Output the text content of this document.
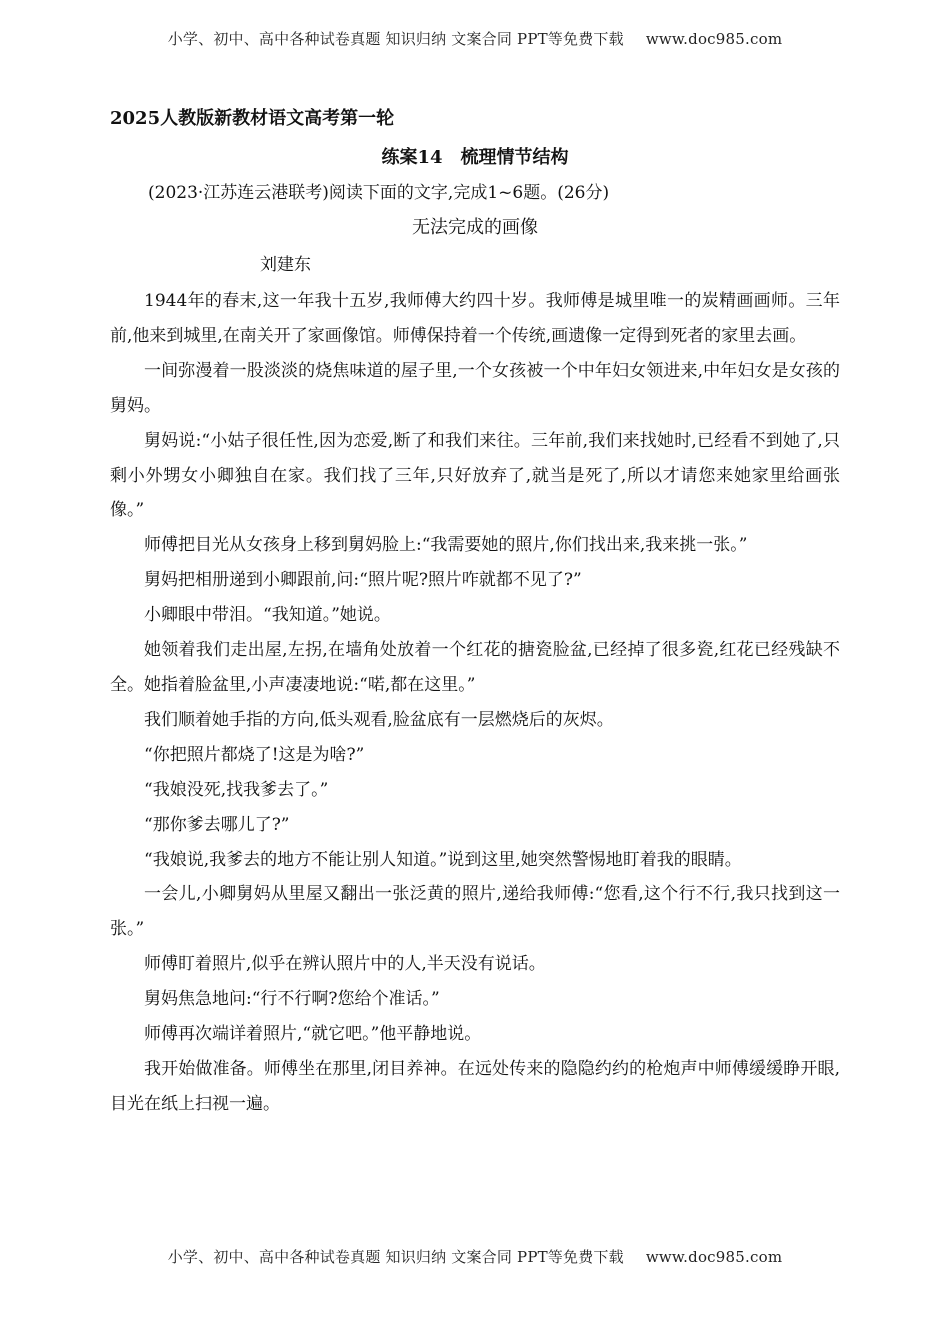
小学、初中、高中各种试卷真题 知识归纳 文案合同 PPT等免费下载 www.doc985.com
2025人教版新教材语文高考第一轮
练案14　梳理情节结构
(2023·江苏连云港联考)阅读下面的文字,完成1~6题。(26分)
无法完成的画像
刘建东

1944年的春末,这一年我十五岁,我师傅大约四十岁。我师傅是城里唯一的炭精画画师。三年前,他来到城里,在南关开了家画像馆。师傅保持着一个传统,画遗像一定得到死者的家里去画。

一间弥漫着一股淡淡的烧焦味道的屋子里,一个女孩被一个中年妇女领进来,中年妇女是女孩的舅妈。

舅妈说:“小姑子很任性,因为恋爱,断了和我们来往。三年前,我们来找她时,已经看不到她了,只剩小外甥女小卿独自在家。我们找了三年,只好放弃了,就当是死了,所以才请您来她家里给画张像。”

师傅把目光从女孩身上移到舅妈脸上:“我需要她的照片,你们找出来,我来挑一张。”

舅妈把相册递到小卿跟前,问:“照片呢?照片咋就都不见了?”

小卿眼中带泪。“我知道。”她说。

她领着我们走出屋,左拐,在墙角处放着一个红花的搪瓷脸盆,已经掉了很多瓷,红花已经残缺不全。她指着脸盆里,小声凄凄地说:“喏,都在这里。”

我们顺着她手指的方向,低头观看,脸盆底有一层燃烧后的灰烬。

“你把照片都烧了!这是为啥?”

“我娘没死,找我爹去了。”

“那你爹去哪儿了?”

“我娘说,我爹去的地方不能让别人知道。”说到这里,她突然警惕地盯着我的眼睛。

一会儿,小卿舅妈从里屋又翻出一张泛黄的照片,递给我师傅:“您看,这个行不行,我只找到这一张。”

师傅盯着照片,似乎在辨认照片中的人,半天没有说话。

舅妈焦急地问:“行不行啊?您给个准话。”

师傅再次端详着照片,“就它吧。”他平静地说。

我开始做准备。师傅坐在那里,闭目养神。在远处传来的隐隐约约的枪炮声中师傅缓缓睁开眼,目光在纸上扫视一遍。

小学、初中、高中各种试卷真题 知识归纳 文案合同 PPT等免费下载 www.doc985.com
